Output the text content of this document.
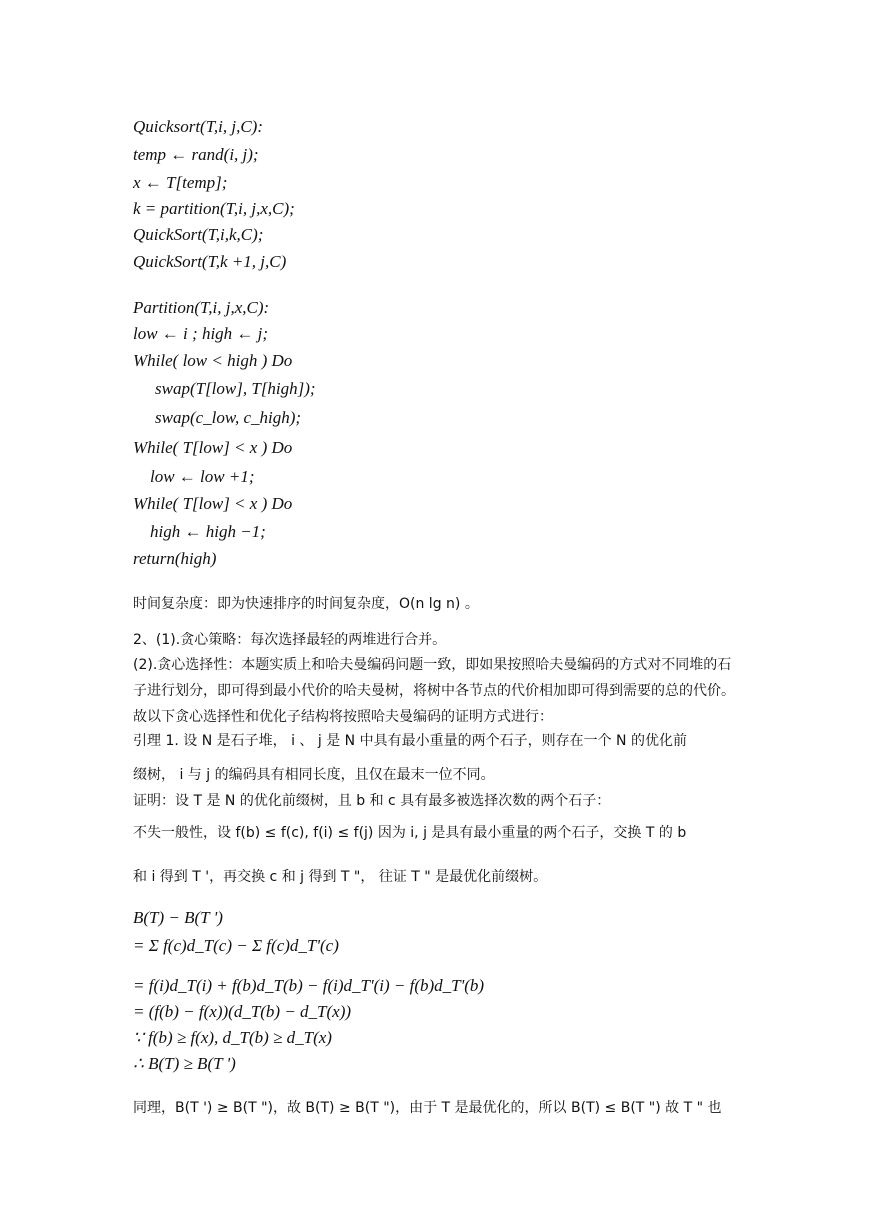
Quicksort(T,i, j,C):
temp ← rand(i, j);
x ← T[temp];
k = partition(T,i, j,x,C);
QuickSort(T,i,k,C);
QuickSort(T,k +1, j,C)
Partition(T,i, j,x,C):
low ← i ; high ← j;
While( low < high ) Do
swap(T[low], T[high]);
swap(c_low, c_high);
While( T[low] < x ) Do
low ← low +1;
While( T[low] < x ) Do
high ← high −1;
return(high)
时间复杂度：即为快速排序的时间复杂度，O(n lg n) 。
2、(1).贪心策略：每次选择最轻的两堆进行合并。
(2).贪心选择性：本题实质上和哈夫曼编码问题一致，即如果按照哈夫曼编码的方式对不同堆的石子进行划分，即可得到最小代价的哈夫曼树，将树中各节点的代价相加即可得到需要的总的代价。故以下贪心选择性和优化子结构将按照哈夫曼编码的证明方式进行：
引理 1. 设 N 是石子堆， i 、 j 是 N 中具有最小重量的两个石子，则存在一个 N 的优化前
缀树， i 与 j 的编码具有相同长度，且仅在最末一位不同。
证明：设 T 是 N 的优化前缀树，且 b 和 c 具有最多被选择次数的两个石子：
不失一般性，设 f(b) ≤ f(c), f(i) ≤ f(j) 因为 i, j 是具有最小重量的两个石子，交换 T 的 b
和 i 得到 T '，再交换 c 和 j 得到 T "， 往证 T " 是最优化前缀树。
B(T) − B(T ')
= Σ f(c)d_T(c) − Σ f(c)d_T'(c)
= f(i)d_T(i) + f(b)d_T(b) − f(i)d_T'(i) − f(b)d_T'(b)
= (f(b) − f(x))(d_T(b) − d_T(x))
∵ f(b) ≥ f(x), d_T(b) ≥ d_T(x)
∴ B(T) ≥ B(T ')
同理，B(T ') ≥ B(T ")，故 B(T) ≥ B(T ")，由于 T 是最优化的，所以 B(T) ≤ B(T ") 故 T " 也
